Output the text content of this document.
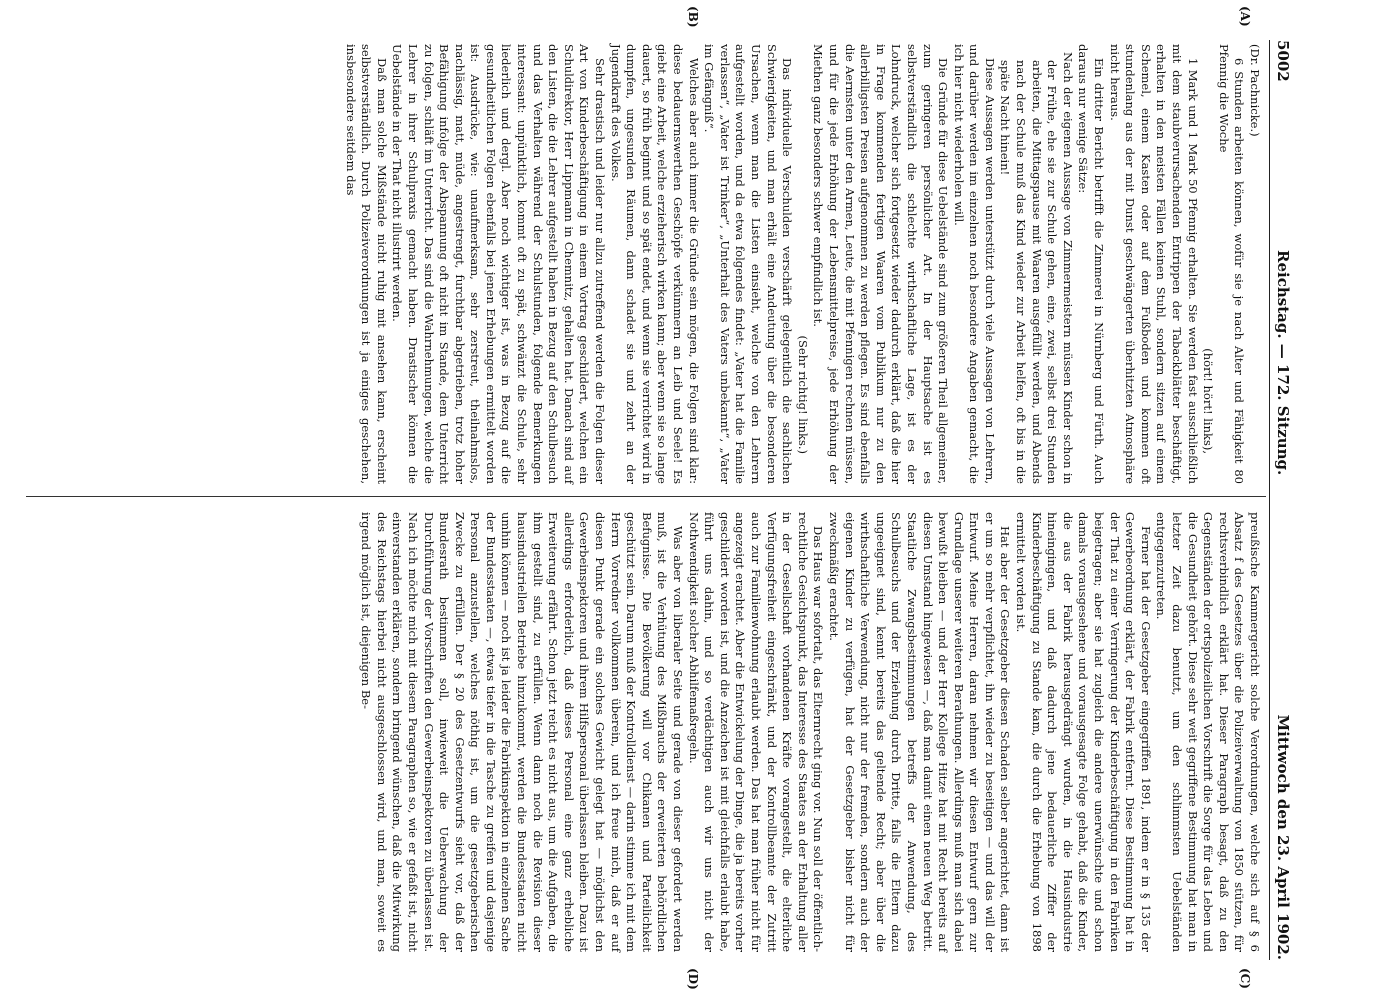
5002
Reichstag. — 172. Sitzung.
Mittwoch den 23. April 1902.
(A)
(B)
(C)
(D)

(Dr. Pachnicke.)

6 Stunden arbeiten können, wofür sie je nach Alter und Fähigkeit 80 Pfennig die Woche

(hört! hört! links),

1 Mark und 1 Mark 50 Pfennig erhalten. Sie werden fast ausschließlich mit dem staubverursachenden Entrippen der Tabackblätter beschäftigt, erhalten in den meisten Fällen keinen Stuhl, sondern sitzen auf einem Schemel, einem Kasten oder auf dem Fußboden und kommen oft stundenlang aus der mit Dunst geschwängerten überhitzten Atmosphäre nicht heraus.

Ein dritter Bericht betrifft die Zimmerei in Nürnberg und Fürth. Auch daraus nur wenige Sätze:

Nach der eigenen Aussage von Zimmermeistern müssen Kinder schon in der Frühe, ehe sie zur Schule gehen, eine, zwei, selbst drei Stunden arbeiten, die Mittagspause mit Waaren ausgefüllt werden, und Abends nach der Schule muß das Kind wieder zur Arbeit helfen, oft bis in die späte Nacht hinein!

Diese Aussagen werden unterstützt durch viele Aussagen von Lehrern, und darüber werden im einzelnen noch besondere Angaben gemacht, die ich hier nicht wiederholen will.

Die Gründe für diese Uebelstände sind zum größeren Theil allgemeiner, zum geringeren persönlicher Art. In der Hauptsache ist es selbstverständlich die schlechte wirthschaftliche Lage, ist es der Lohndruck, welcher sich fortgesetzt wieder dadurch erklärt, daß die hier in Frage kommenden fertigen Waaren vom Publikum nur zu den allerbilligsten Preisen aufgenommen zu werden pflegen. Es sind ebenfalls die Aermsten unter den Armen, Leute, die mit Pfennigen rechnen müssen, und für die jede Erhöhung der Lebensmittelpreise, jede Erhöhung der Miethen ganz besonders schwer empfindlich ist.

(Sehr richtig! links.)

Das individuelle Verschulden verschärft gelegentlich die sachlichen Schwierigkeiten, und man erhält eine Andeutung über die besonderen Ursachen, wenn man die Listen einsieht, welche von den Lehrern aufgestellt worden, und da etwa folgendes findet: „Vater hat die Familie verlassen“, „Vater ist Trinker“, „Unterhalt des Vaters unbekannt“, „Vater im Gefängniß“.

Welches aber auch immer die Gründe sein mögen, die Folgen sind klar: diese bedauernswerthen Geschöpfe verkümmern an Leib und Seele! Es giebt eine Arbeit, welche erzieherisch wirken kann; aber wenn sie so lange dauert, so früh beginnt und so spät endet, und wenn sie verrichtet wird in dumpfen, ungesunden Räumen, dann schadet sie und zehrt an der Jugendkraft des Volkes.

Sehr drastisch und leider nur allzu zutreffend werden die Folgen dieser Art von Kinderbeschäftigung in einem Vortrag geschildert, welchen ein Schuldirektor, Herr Lippmann in Chemnitz, gehalten hat. Danach sind auf den Listen, die die Lehrer aufgestellt haben in Bezug auf den Schulbesuch und das Verhalten während der Schulstunden, folgende Bemerkungen interessant: unpünktlich, kommt oft zu spät, schwänzt die Schule, sehr liederlich und dergl. Aber noch wichtiger ist, was in Bezug auf die gesundheitlichen Folgen ebenfalls bei jenen Erhebungen ermittelt worden ist: Ausdrücke, wie: unaufmerksam, sehr zerstreut, theilnahmslos, nachlässig, matt, müde, angestrengt, furchtbar abgetrieben, trotz hoher Befähigung infolge der Abspannung oft nicht im Stande, dem Unterricht zu folgen, schläft im Unterricht. Das sind die Wahrnehmungen, welche die Lehrer in ihrer Schulpraxis gemacht haben. Drastischer können die Uebelstände in der That nicht illustrirt werden.

Daß man solche Mißstände nicht ruhig mit ansehen kann, erscheint selbstverständlich. Durch Polizeiverordnungen ist ja einiges geschehen, insbesondere seitdem das

preußische Kammergericht solche Verordnungen, welche sich auf § 6 Absatz f des Gesetzes über die Polizeiverwaltung von 1850 stützen, für rechtsverbindlich erklärt hat. Dieser Paragraph besagt, daß zu den Gegenständen der ortspolizeilichen Vorschrift die Sorge für das Leben und die Gesundheit gehört. Diese sehr weit gegriffene Bestimmung hat man in letzter Zeit dazu benutzt, um den schlimmsten Uebelständen entgegenzutreten.

Ferner hat der Gesetzgeber eingegriffen 1891, indem er in § 135 der Gewerbeordnung erklärt, der Fabrik entfernt. Diese Bestimmung hat in der That zu einer Verringerung der Kinderbeschäftigung in den Fabriken beigetragen; aber sie hat zugleich die andere unerwünschte und schon damals vorausgesehene und vorausgesagte Folge gehabt, daß die Kinder, die aus der Fabrik herausgedrängt wurden, in die Hausindustrie hineingingen, und daß dadurch jene bedauerliche Ziffer der Kinderbeschäftigung zu Stande kam, die durch die Erhebung von 1898 ermittelt worden ist.

Hat aber der Gesetzgeber diesen Schaden selber angerichtet, dann ist er um so mehr verpflichtet, ihn wieder zu beseitigen — und das will der Entwurf. Meine Herren, daran nehmen wir diesen Entwurf gern zur Grundlage unserer weiteren Berathungen. Allerdings muß man sich dabei bewußt bleiben — und der Herr Kollege Hitze hat mit Recht bereits auf diesen Umstand hingewiesen —, daß man damit einen neuen Weg betritt. Staatliche Zwangsbestimmungen betreffs der Anwendung, des Schulbesuchs und der Erziehung durch Dritte, falls die Eltern dazu ungeeignet sind, kennt bereits das geltende Recht; aber über die wirthschaftliche Verwendung, nicht nur der fremden, sondern auch der eigenen Kinder zu verfügen, hat der Gesetzgeber bisher nicht für zweckmäßig erachtet.

Das Haus war sofortalt, das Elternrecht ging vor. Nun soll der öffentlich-rechtliche Gesichtspunkt, das Interesse des Staates an der Erhaltung aller in der Gesellschaft vorhandenen Kräfte vorangestellt, die elterliche Verfügungsfreiheit eingeschränkt, und der Kontrollbeamte der Zutritt auch zur Familienwohnung erlaubt werden. Das hat man früher nicht für angezeigt erachtet. Aber die Entwickelung der Dinge, die ja bereits vorher geschildert worden ist, und die Anzeichen ist mit gleichfalls erlaubt habe, führt uns dahin, und so verdächtigen auch wir uns nicht der Nothwendigkeit solcher Abhilfemaßregeln.

Was aber von liberaler Seite und gerade von dieser gefordert werden muß, ist die Verhütung des Mißbrauchs der erweiterten behördlichen Befugnisse. Die Bevölkerung will vor Chikanen und Parteilichkeit geschützt sein. Darum muß der Kontrolldienst — darin stimme ich mit dem Herrn Vorredner vollkommen überein, und ich freue mich, daß er auf diesen Punkt gerade ein solches Gewicht gelegt hat — möglichst den Gewerbeinspektoren und ihrem Hilfspersonal überlassen bleiben. Dazu ist allerdings erforderlich, daß dieses Personal eine ganz erhebliche Erweiterung erfährt. Schon jetzt reicht es nicht aus, um die Aufgaben, die ihm gestellt sind, zu erfüllen. Wenn dann noch die Revision dieser hausindustriellen Betriebe hinzukommt, werden die Bundesstaaten nicht umhin können — noch ist ja leider die Fabrikinspektion in einzelnen Sache der Bundesstaaten —, etwas tiefer in die Tasche zu greifen und dasjenige Personal anzustellen, welches nöthig ist, um die gesetzgeberischen Zwecke zu erfüllen. Der § 20 des Gesetzentwurfs sieht vor, daß der Bundesrath bestimmen soll, inwieweit die Ueberwachung der Durchführung der Vorschriften den Gewerbeinspektoren zu überlassen ist. Nach ich möchte mich mit diesem Paragraphen so, wie er gefaßt ist, nicht einverstanden erklären, sondern bringend wünschen, daß die Mitwirkung des Reichstags hierbei nicht ausgeschlossen wird, und man, soweit es irgend möglich ist, diejenigen Be-
